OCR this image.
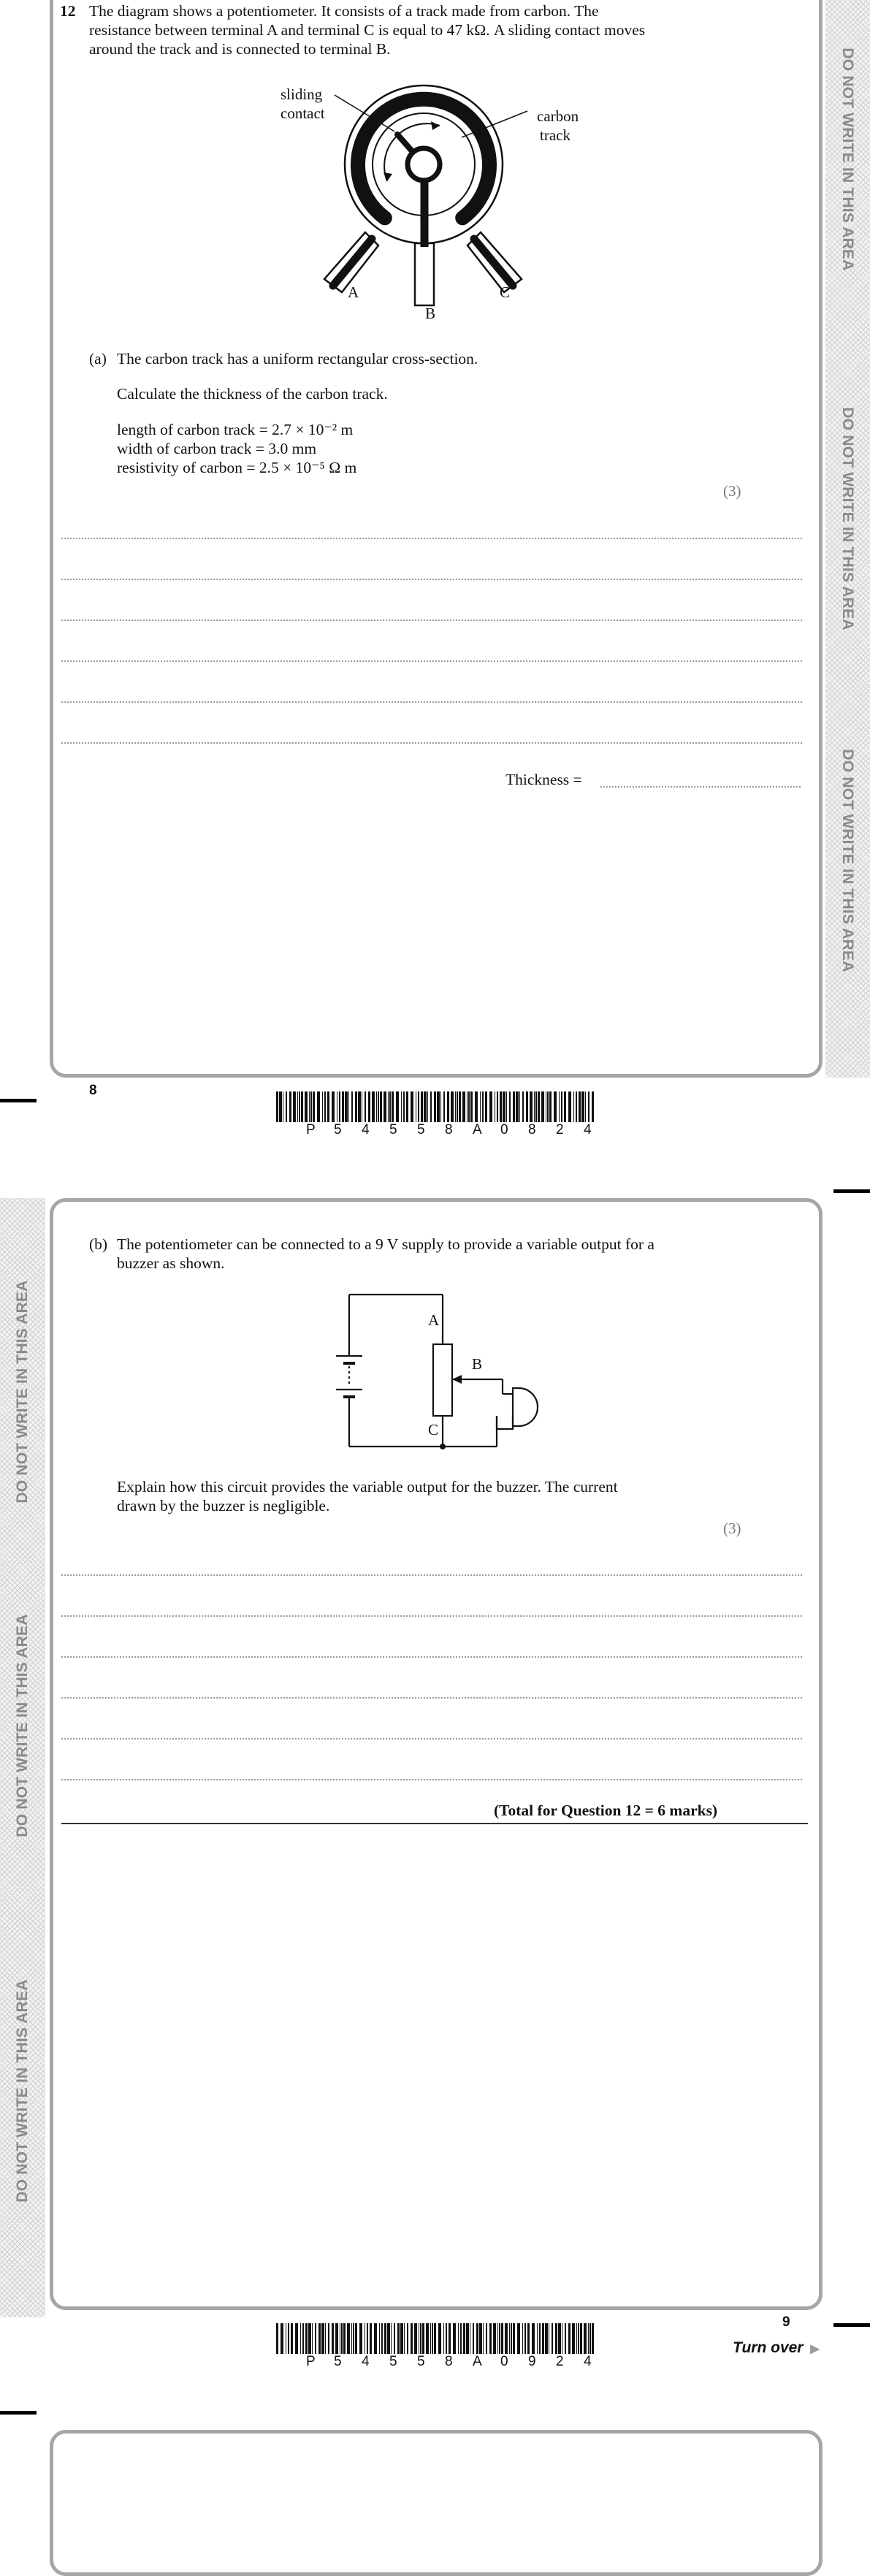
DO NOT WRITE IN THIS AREA
DO NOT WRITE IN THIS AREA
DO NOT WRITE IN THIS AREA
12 The diagram shows a potentiometer. It consists of a track made from carbon. The
resistance between terminal A and terminal C is equal to 47 kΩ. A sliding contact moves
around the track and is connected to terminal B.
sliding
contact	carbon
track
A
B
C
(a) The carbon track has a uniform rectangular cross-section.
Calculate the thickness of the carbon track.
length of carbon track = 2.7 × 10⁻² m
width of carbon track = 3.0 mm
resistivity of carbon = 2.5 × 10⁻⁵ Ω m
(3)
Thickness =
8
P 5 4 5 5 8 A 0 8 2 4
DO NOT WRITE IN THIS AREA
DO NOT WRITE IN THIS AREA
DO NOT WRITE IN THIS AREA
(b) The potentiometer can be connected to a 9 V supply to provide a variable output for a
buzzer as shown.
A
B
C
Explain how this circuit provides the variable output for the buzzer. The current
drawn by the buzzer is negligible.
(3)
(Total for Question 12 = 6 marks)
9
P 5 4 5 5 8 A 0 9 2 4
Turn over ▶
